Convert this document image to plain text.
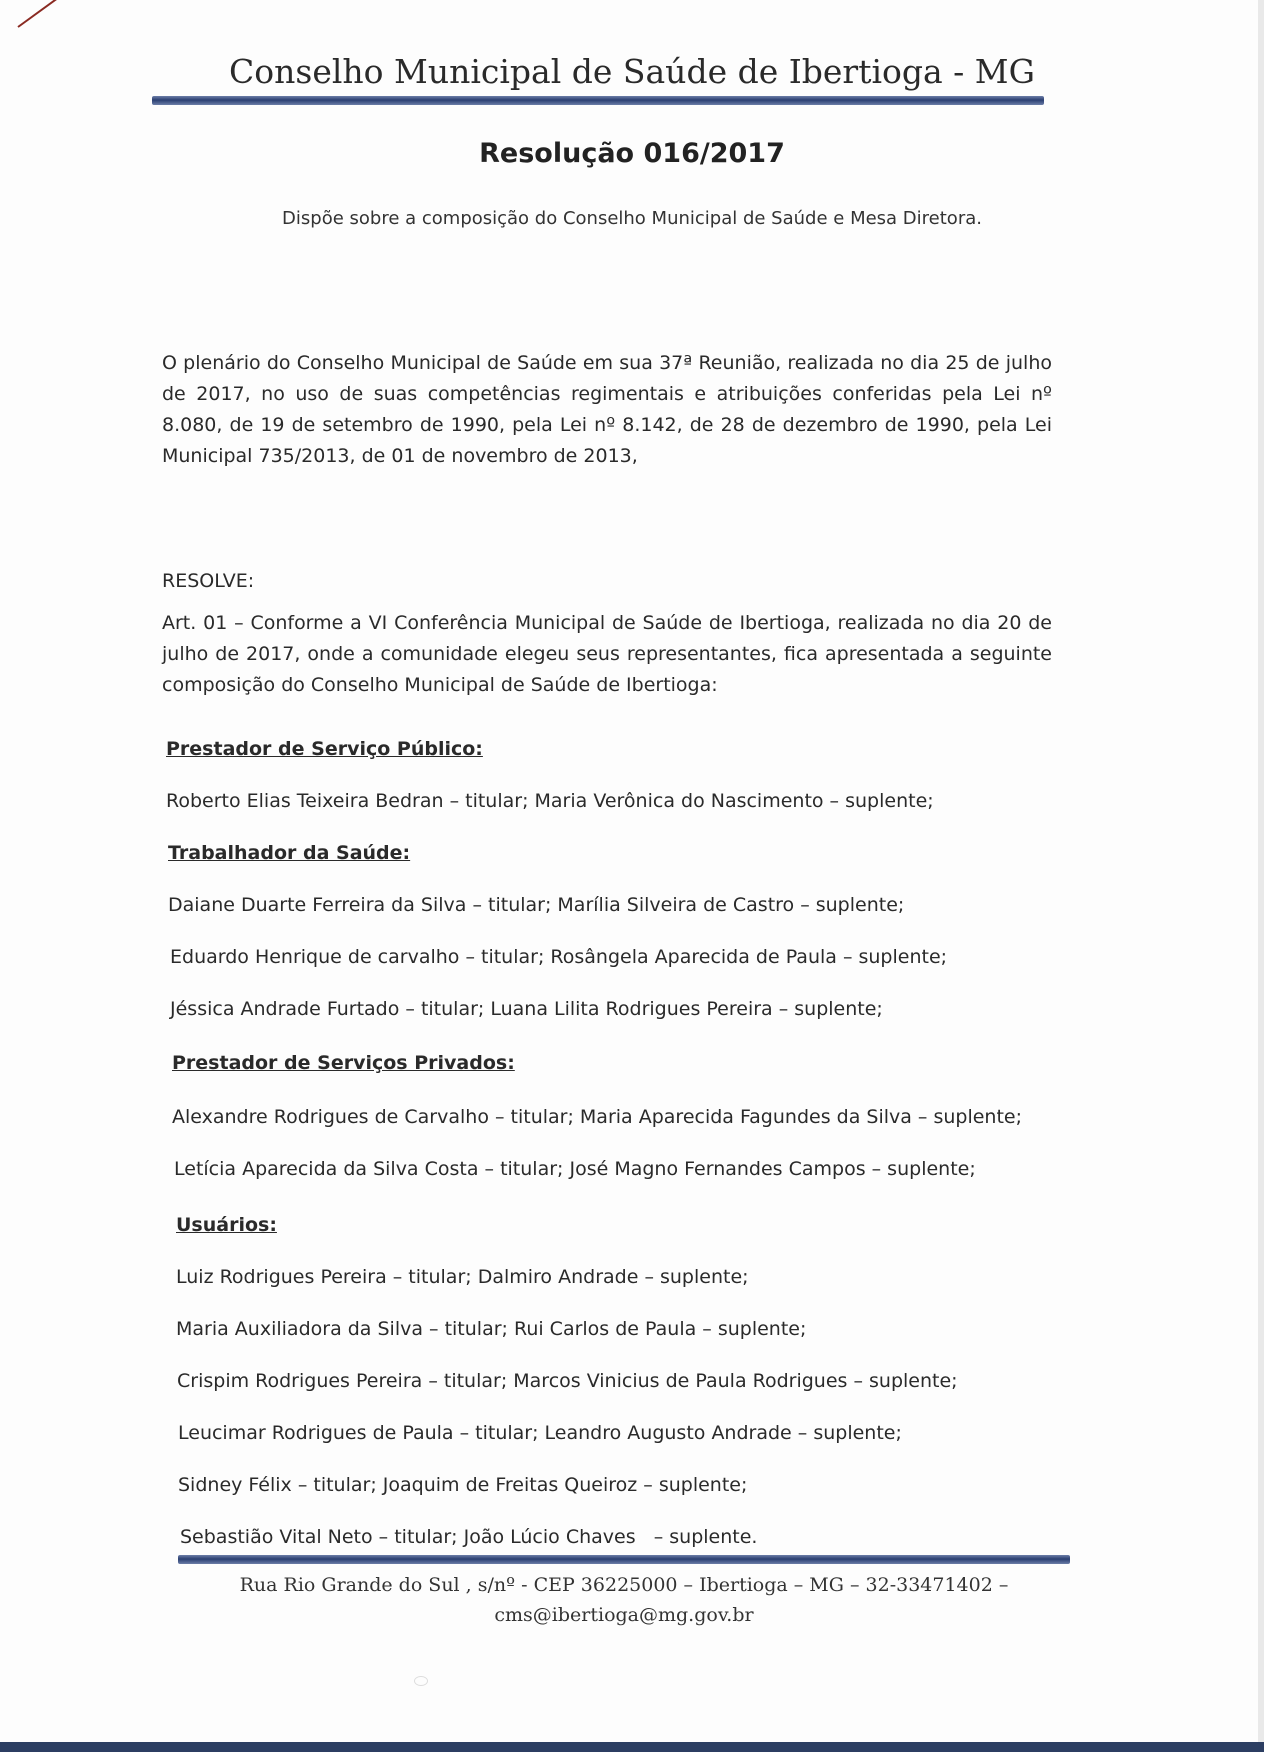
Conselho Municipal de Saúde de Ibertioga - MG
Resolução 016/2017
Dispõe sobre a composição do Conselho Municipal de Saúde e Mesa Diretora.
O plenário do Conselho Municipal de Saúde em sua 37ª Reunião, realizada no dia 25 de julho de 2017, no uso de suas competências regimentais e atribuições conferidas pela Lei nº 8.080, de 19 de setembro de 1990, pela Lei nº 8.142, de 28 de dezembro de 1990, pela Lei Municipal 735/2013, de 01 de novembro de 2013,
RESOLVE:
Art. 01 – Conforme a VI Conferência Municipal de Saúde de Ibertioga, realizada no dia 20 de julho de 2017, onde a comunidade elegeu seus representantes, fica apresentada a seguinte composição do Conselho Municipal de Saúde de Ibertioga:
Prestador de Serviço Público:
Roberto Elias Teixeira Bedran – titular; Maria Verônica do Nascimento – suplente;
Trabalhador da Saúde:
Daiane Duarte Ferreira da Silva – titular; Marília Silveira de Castro – suplente;
Eduardo Henrique de carvalho – titular; Rosângela Aparecida de Paula – suplente;
Jéssica Andrade Furtado – titular; Luana Lilita Rodrigues Pereira – suplente;
Prestador de Serviços Privados:
Alexandre Rodrigues de Carvalho – titular; Maria Aparecida Fagundes da Silva – suplente;
Letícia Aparecida da Silva Costa – titular; José Magno Fernandes Campos – suplente;
Usuários:
Luiz Rodrigues Pereira – titular; Dalmiro Andrade – suplente;
Maria Auxiliadora da Silva – titular; Rui Carlos de Paula – suplente;
Crispim Rodrigues Pereira – titular; Marcos Vinicius de Paula Rodrigues – suplente;
Leucimar Rodrigues de Paula – titular; Leandro Augusto Andrade – suplente;
Sidney Félix – titular; Joaquim de Freitas Queiroz – suplente;
Sebastião Vital Neto – titular; João Lúcio Chaves   – suplente.
Rua Rio Grande do Sul , s/nº - CEP 36225000 – Ibertioga – MG – 32-33471402 –
cms@ibertioga@mg.gov.br
